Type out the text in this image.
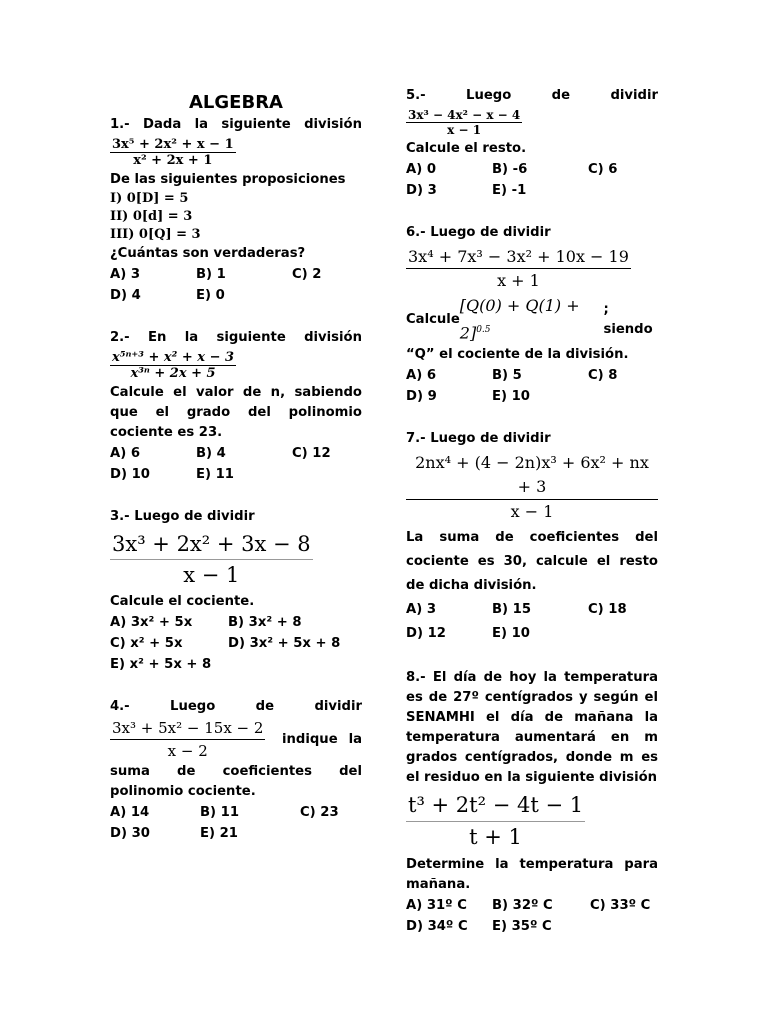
ALGEBRA
1.- Dada la siguiente división
$\frac{\text{3x⁵ + 2x² + x − 1}}{\text{x² + 2x + 1}}$
De las siguientes proposiciones
I) 0[D] = 5
II) 0[d] = 3
III) 0[Q] = 3
¿Cuántas son verdaderas?
A) 3	B) 1	C) 2
D) 4	E) 0
2.- En la siguiente división
$\frac{\text{x⁵ⁿ⁺³ + x² + x − 3}}{\text{x³ⁿ + 2x + 5}}$
Calcule el valor de n, sabiendo que el grado del polinomio cociente es 23.
A) 6	B) 4	C) 12
D) 10	E) 11
3.- Luego de dividir
$\frac{\text{3x³ + 2x² + 3x − 8}}{x - 1}$
Calcule el cociente.
A) 3x² + 5x	B) 3x² + 8
C) x² + 5x	D) 3x² + 5x + 8
E) x² + 5x + 8
4.- Luego de dividir
$\frac{\text{3x³ + 5x² − 15x − 2}}{x - 2}$ indique la
suma de coeficientes del polinomio cociente.
A) 14	B) 11	C) 23
D) 30	E) 21
5.- Luego de dividir
$\frac{\text{3x³ − 4x² − x − 4}}{x - 1}$
Calcule el resto.
A) 0	B) -6	C) 6
D) 3	E) -1
6.- Luego de dividir
$\frac{\text{3x⁴ + 7x³ − 3x² + 10x − 19}}{x + 1}$
Calcule
$[Q(0) + Q(1) + 2]^{0.5}$
; siendo
“Q” el cociente de la división.
A) 6	B) 5	C) 8
D) 9	E) 10
7.- Luego de dividir
$\frac{\text{2nx⁴ + (4 − 2n)x³ + 6x² + nx + 3}}{x - 1}$
La suma de coeficientes del cociente es 30, calcule el resto de dicha división.
A) 3	B) 15	C) 18
D) 12	E) 10
8.- El día de hoy la temperatura es de 27º centígrados y según el SENAMHI el día de mañana la temperatura aumentará en m grados centígrados, donde m es el residuo en la siguiente división
$\frac{\text{t³ + 2t² − 4t − 1}}{t + 1}$
Determine la temperatura para mañana.
A) 31º C	B) 32º C	C) 33º C
D) 34º C	E) 35º C
